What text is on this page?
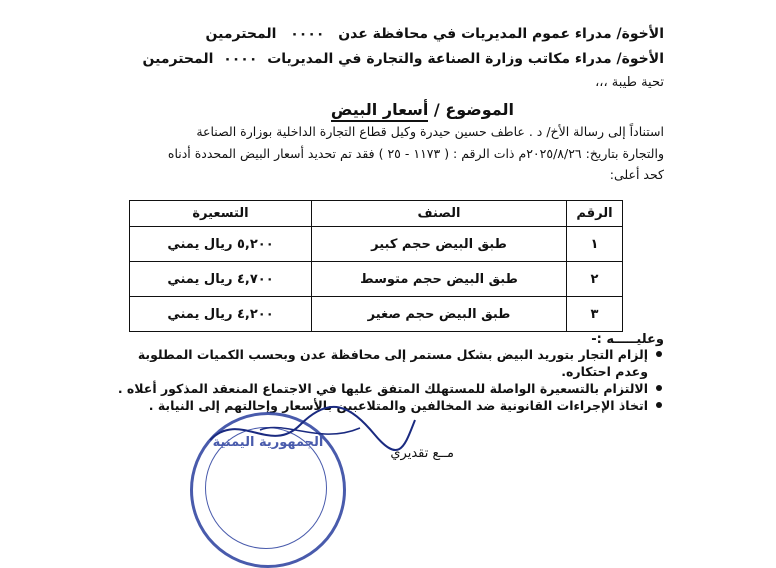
الأخوة/ مدراء عموم المديريات في محافظة عدن ٠٠٠٠ المحترمين
الأخوة/ مدراء مكاتب وزارة الصناعة والتجارة في المديريات ٠٠٠٠ المحترمين
تحية طيبة ،،،
الموضوع / أسعار البيض
استناداً إلى رسالة الأخ/ د . عاطف حسين حيدرة وكيل قطاع التجارة الداخلية بوزارة الصناعة
والتجارة بتاريخ: ٢٠٢٥/٨/٢٦م ذات الرقم : ( ١١٧٣ - ٢٥ ) فقد تم تحديد أسعار البيض المحددة أدناه
كحد أعلى:
الرقم	الصنف	التسعيرة
١	طبق البيض حجم كبير	٥,٢٠٠ ريال يمني
٢	طبق البيض حجم متوسط	٤,٧٠٠ ريال يمني
٣	طبق البيض حجم صغير	٤,٢٠٠ ريال يمني
وعليـــــه :-
إلزام التجار بتوريد البيض بشكل مستمر إلى محافظة عدن وبحسب الكميات المطلوبة وعدم احتكاره.
الالتزام بالتسعيرة الواصلة للمستهلك المتفق عليها في الاجتماع المنعقد المذكور أعلاه .
اتخاذ الإجراءات القانونية ضد المخالفين والمتلاعبين بالأسعار وإحالتهم إلى النيابة .
الجمهورية اليمنية
مــع تقديري
